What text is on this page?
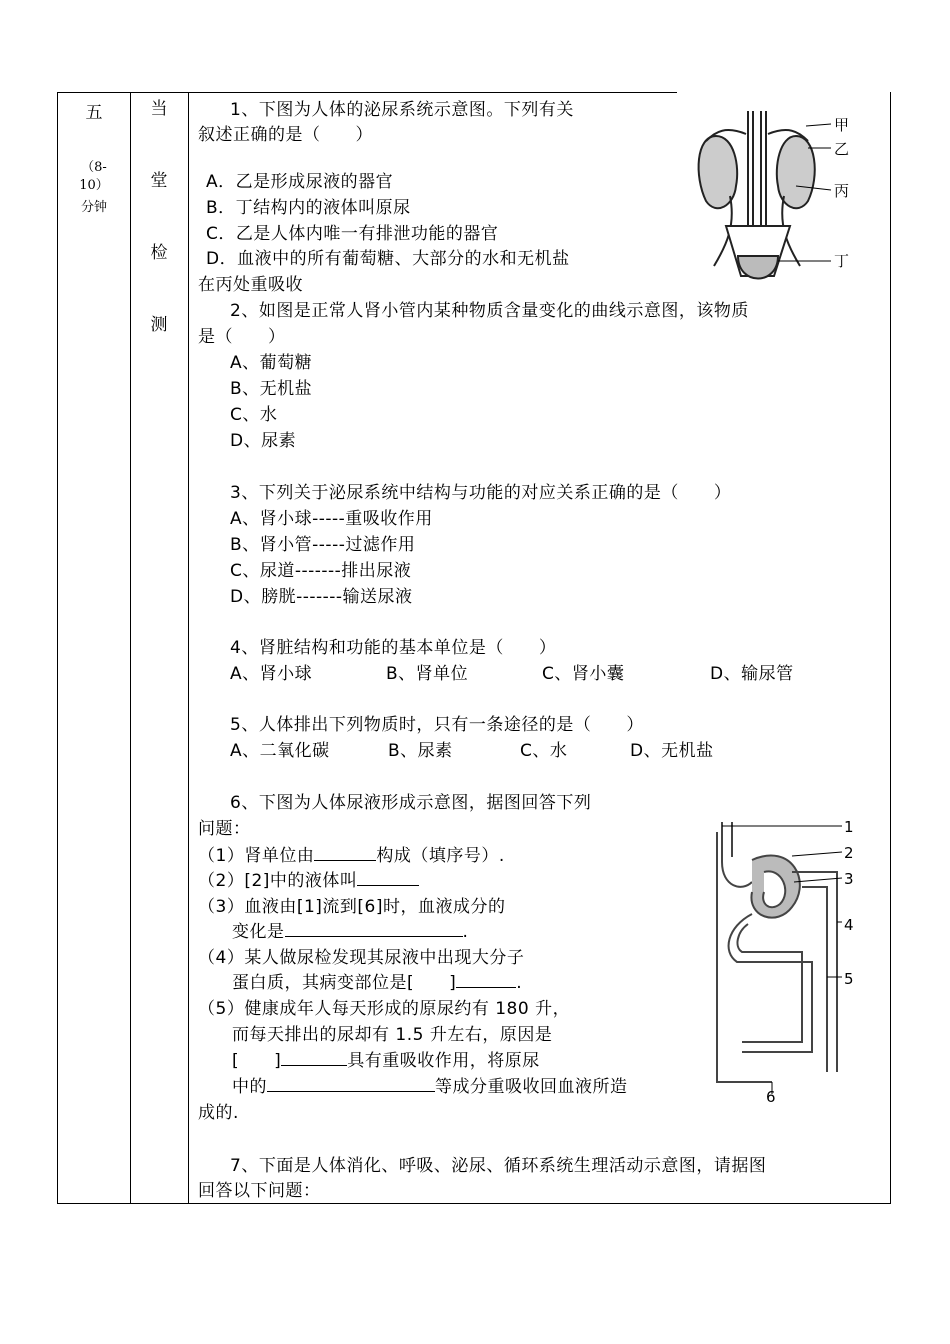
五
（8-
10）
分钟
当
堂
检
测
1、下图为人体的泌尿系统示意图。下列有关
叙述正确的是（　　）
A．乙是形成尿液的器官
B．丁结构内的液体叫原尿
C．乙是人体内唯一有排泄功能的器官
D．血液中的所有葡萄糖、大部分的水和无机盐
在丙处重吸收
甲
乙
丙
丁
2、如图是正常人肾小管内某种物质含量变化的曲线示意图，该物质
是（　　）
A、葡萄糖
B、无机盐
C、水
D、尿素
3、下列关于泌尿系统中结构与功能的对应关系正确的是（　　）
A、肾小球-----重吸收作用
B、肾小管-----过滤作用
C、尿道-------排出尿液
D、膀胱-------输送尿液
4、肾脏结构和功能的基本单位是（　　）
A、肾小球	B、肾单位	C、肾小囊	D、输尿管
5、人体排出下列物质时，只有一条途径的是（　　）
A、二氧化碳	B、尿素	C、水	D、无机盐
6、下图为人体尿液形成示意图，据图回答下列
问题：
（1）肾单位由	构成（填序号）.
（2）[2]中的液体叫
（3）血液由[1]流到[6]时，血液成分的
变化是	.
（4）某人做尿检发现其尿液中出现大分子
蛋白质，其病变部位是[　　]	.
（5）健康成年人每天形成的原尿约有 180 升，
而每天排出的尿却有 1.5 升左右，原因是
[　　]	具有重吸收作用，将原尿
中的	等成分重吸收回血液所造
成的.
1
2
3
4
5
6
7、下面是人体消化、呼吸、泌尿、循环系统生理活动示意图，请据图
回答以下问题：
